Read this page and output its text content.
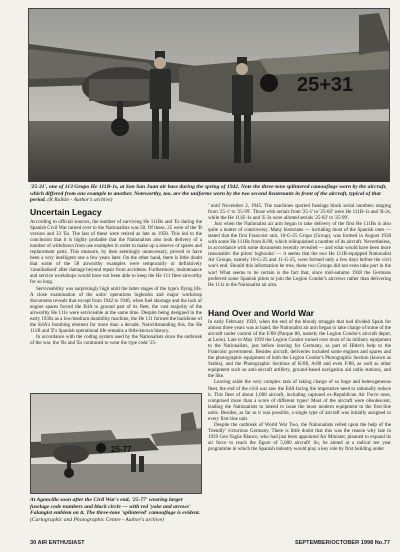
25+31
'25-31', one of 113 Grupo He 111B-1s, at Son San Juan air base during the spring of 1942. Note the three-tone splintered camouflage worn by the aircraft, which differed from one example to another. Noteworthy, too, are the uniforms worn by the two second lieutenants in front of the aircraft, typical of that period. (R Rullán - Author's archive)
Uncertain Legacy

According to official sources, the number of surviving He 111Bs and 'Es during the Spanish Civil War turned over to the Nationalists was 58. Of these, 25 were of the 'B version and 33 'Es. The last of these were retired as late as 1958. This led to the conclusion that it is highly probable that the Nationalists also took delivery of a number of withdrawn from use examples in order to make up a reserve of spares and replacement parts. This measure, by then seemingly unnecessary, proved to have been a very intelligent one a few years later. On the other hand, there is little doubt that some of the 58 airworthy examples were temporarily or definitively 'cannibalised' after damage beyond repair from accidents. Furthermore, maintenance and service workshops would have not been able to keep the He 111 fleet airworthy for so long.

Serviceability was surprisingly high until the latter stages of the type's flying life. A close examination of the units' operations logbooks and major workshop documents reveals that except from 1942 to 1946, when fuel shortage and the lack of engine spares forced the EdA to ground part of its fleet, the vast majority of the airworthy He 111s were serviceable at the same time. Despite being designed in the early 1930s as a low/medium durability machine, the He 111 formed the backbone of the EdA's bombing element for more than a decade. Notwithstanding this, the He 111B and 'E's Spanish operational life remains a little-known history.

In accordance with the coding system used by the Nationalists since the outbreak of the war, the 'Bs and 'Es continued to wear the type code '25-

' until November 2, 1945. The machines sported fuselage black serial numbers ranging from '25-1' to '25-99'. Those with serials from '25-1' to '25-82' were He 111B-1s and 'B-2s, while the He 111E-1s and 'E-3s were allotted serials '25-83' to '25-99'.

Just when the Nationalist air arm began to take delivery of the first He 111Bs is also quite a matter of controversy. Many historians — including most of the Spanish ones — stated that the first Francoist unit, 10-G-25 Grupo (Group), was formed in August 1938 with some He 111Bs from K/88, which relinquished a number of its aircraft. Nevertheless, in accordance with some documents recently revealed — and what would have been more reasonable: the pilots' logbooks! — it seems that the two He 111B-equipped Nationalist Air Groups, namely 10-G-25 and 11-G-25, were formed only a few days before the civil war's end. Should this information be true, these two Groups did not even take part in the war! What seems to be certain is the fact that, since mid-autumn 1938 the Germans preferred some Spanish pilots to join the Legion Condor's aircrews rather than delivering He 111s to the Nationalist air arm.

Hand Over and World War

In early February 1939, when the end of the bloody struggle that had divided Spain for almost three years was at hand, the Nationalist air arm began to take charge of some of the aircraft under control of the F/88 (Parque 88, namely the Legion Condor's aircraft depot, at León). Late in May 1939 the Legion Condor turned over most of its military equipment to the Nationalists, just before leaving for Germany, as part of Hitler's help to the Francoist government. Besides aircraft, deliveries included some engines and spares and the photographic equipment of both the Legion Condor's Photographic Section (known as Stabia), and the Photographic Sections of K/88, A/88 and even F/88, as well as other equipment such as anti-aircraft artillery, ground-based navigation aid radio stations, and the like.

Leaving aside the very complex task of taking charge of so huge and heterogeneous fleet, the end of the civil war saw the EdA facing the imperative need to rationally reduce it. This fleet of about 1,000 aircraft, including captured ex-Republican Air Force ones, comprised more than a score of different types! Most of the aircraft were obsolescent, leading the Nationalists to intend to issue the most modern equipment to the first-line units. Besides, as far as it was possible, a single type of aircraft was initially assigned to every first-line unit.

Despite the outbreak of World War Two, the Nationalists relied upon the help of the 'friendly' victorious Germany. There is little doubt that this was the reason why late in 1939 Gen Yagüe Blanco, who had just been appointed Air Minister, planned to expand its air force to reach the figure of 5,000 aircraft! So, he aimed at a radical ten year programme in which the Spanish industry would play a key role by first building under

25-77
At Agoncillo soon after the Civil War's end, '25-77' wearing larger fuselage code numbers and black circle — with red 'yoke and arrows' Falangist emblem on it. The three-tone 'splintered' camouflage is evident. (Cartographic and Photographic Centre - Author's archive)
30 AIR ENTHUSIAST	SEPTEMBER/OCTOBER 1998 No.77
